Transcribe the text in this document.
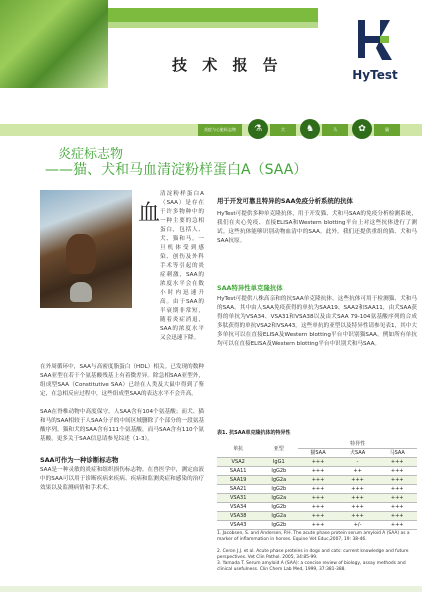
技 术 报 告
HyTest
炎症与心脏标志物	⚗	犬	♞	马	✿	猫
炎症标志物
——猫、犬和马血清淀粉样蛋白A（SAA）
血
清淀粉样蛋白A（SAA）是存在于许多物种中的一种主要的急相蛋白，包括人、犬、猫和马。一旦机体受到感染、创伤及外科手术等引起的炎症刺激，SAA的浓度水平会在数小时内迅速升高。由于SAA的半衰期非常短，随着炎症消退，SAA的浓度水平又会迅速下降。
在外周循环中，SAA与高密度脂蛋白（HDL）相关。已发现的数种SAA亚型在若干个氨基酸残基上有着微差异。除急相SAA亚型外，组成型SAA（Constitutive SAA）已经在人类及大鼠中得到了鉴定，在急相反应过程中，这些组成型SAA的表达水平不会升高。
SAA在脊椎动物中高度保守。人SAA含有104个氨基酸；而犬、猫和马的SAA相较于人SAA分子的中间区域删除了个部分的一段氨基酸序列。猫和犬的SAA含有111个氨基酸，而马SAA含有110个氨基酸。更多关于SAA信息请参见综述（1-3）。
SAA可作为一种诊断标志物
SAA是一种灵敏的炎症和组织损伤标志物。在兽医学中，测定血液中的SAA可以用于诊断疾病来疾病、疾病和监测炎症和感染的治疗效果以及监测病情和手术术。
用于开发可靠且特异的SAA免疫分析系统的抗体
HyTest可提供多种单克隆抗体，用于开发猫、犬和马SAA的免疫分析检测系统，我们在夹心免疫、直接ELISA和Western blotting平台上对这些抗体进行了测试。这些抗体能够识别动物血清中的SAA。此外，我们还提供重组的猫、犬和马SAA抗原。
SAA特异性单克隆抗体
HyTest可提供八株高亲和的抗SAA单克隆抗体。这些抗体可用于检测猫、犬和马的SAA。其中由人SAA免疫获得的单抗为SAA19、SAA2和SAA11，由犬SAA获得的单抗为VSA34、VSA31和VSA38以及由犬SAA 79-104氨基酸序列的合成多肽获得的单抗VSA2和VSA43。这些单抗的亚型以及特异性请参见表1，其中大多单抗可以在直接ELISA及Western blotting平台中识别猫SAA。例如所有单抗均可以在直接ELISA及Western blotting平台中识别犬和马SAA。
表1. 抗SAA单克隆抗体的特异性
单抗	亚型	特异性		
		猫SAA	犬SAA	马SAA
VSA2	IgG1	+++	-	+++
SAA11	IgG2b	+++	++	+++
SAA19	IgG2a	+++	+++	+++
SAA21	IgG2b	+++	+++	+++
VSA31	IgG2a	+++	+++	+++
VSA34	IgG2b	+++	+++	+++
VSA38	IgG2a	+++	+++	+++
VSA43	IgG2b	+++	+/-	+++
1. Jacobsen, S. and Andersen, P.H. The acute phase protein serum amyloid A (SAA) as a marker of inflammation in horses. Equine Vet Educ,2007, 19: 38-46.
2. Ceron J.J. et al. Acute phase proteins in dogs and cats: current knowledge and future perspectives. Vet Clin Pathol. 2005, 34:85-99.
3. Yamada T. Serum amyloid A (SAA): a concise review of biology, assay methods and clinical usefulness. Clin Chem Lab Med, 1999, 37:381-388.
